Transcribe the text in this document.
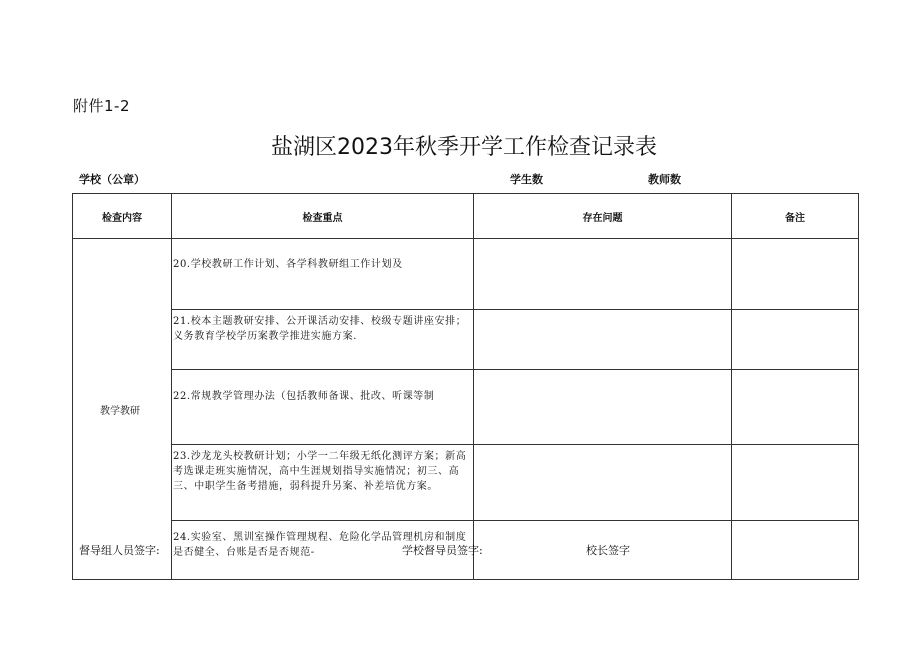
附件1-2
盐湖区2023年秋季开学工作检查记录表
学校（公章）	学生数	教师数
检查内容	检查重点	存在问题	备注
教学教研	20.学校教研工作计划、各学科教研组工作计划及		
	21.校本主题教研安排、公开课活动安排、校级专题讲座安排；义务教育学校学历案教学推进实施方案.		
	22.常规教学管理办法（包括教师备课、批改、听课等制		
	23.沙龙龙头校教研计划；小学一二年级无纸化测评方案；新高考选课走班实施情况，高中生涯规划指导实施情况；初三、高三、中职学生备考措施，弱科提升另案、补差培优方案。		
	24.实验室、黑训室操作管理规程、危险化学品管理机房和制度是否健全、台账是否是否规范-		
督导组人员签字:	学校督导员签字:	校长签字
